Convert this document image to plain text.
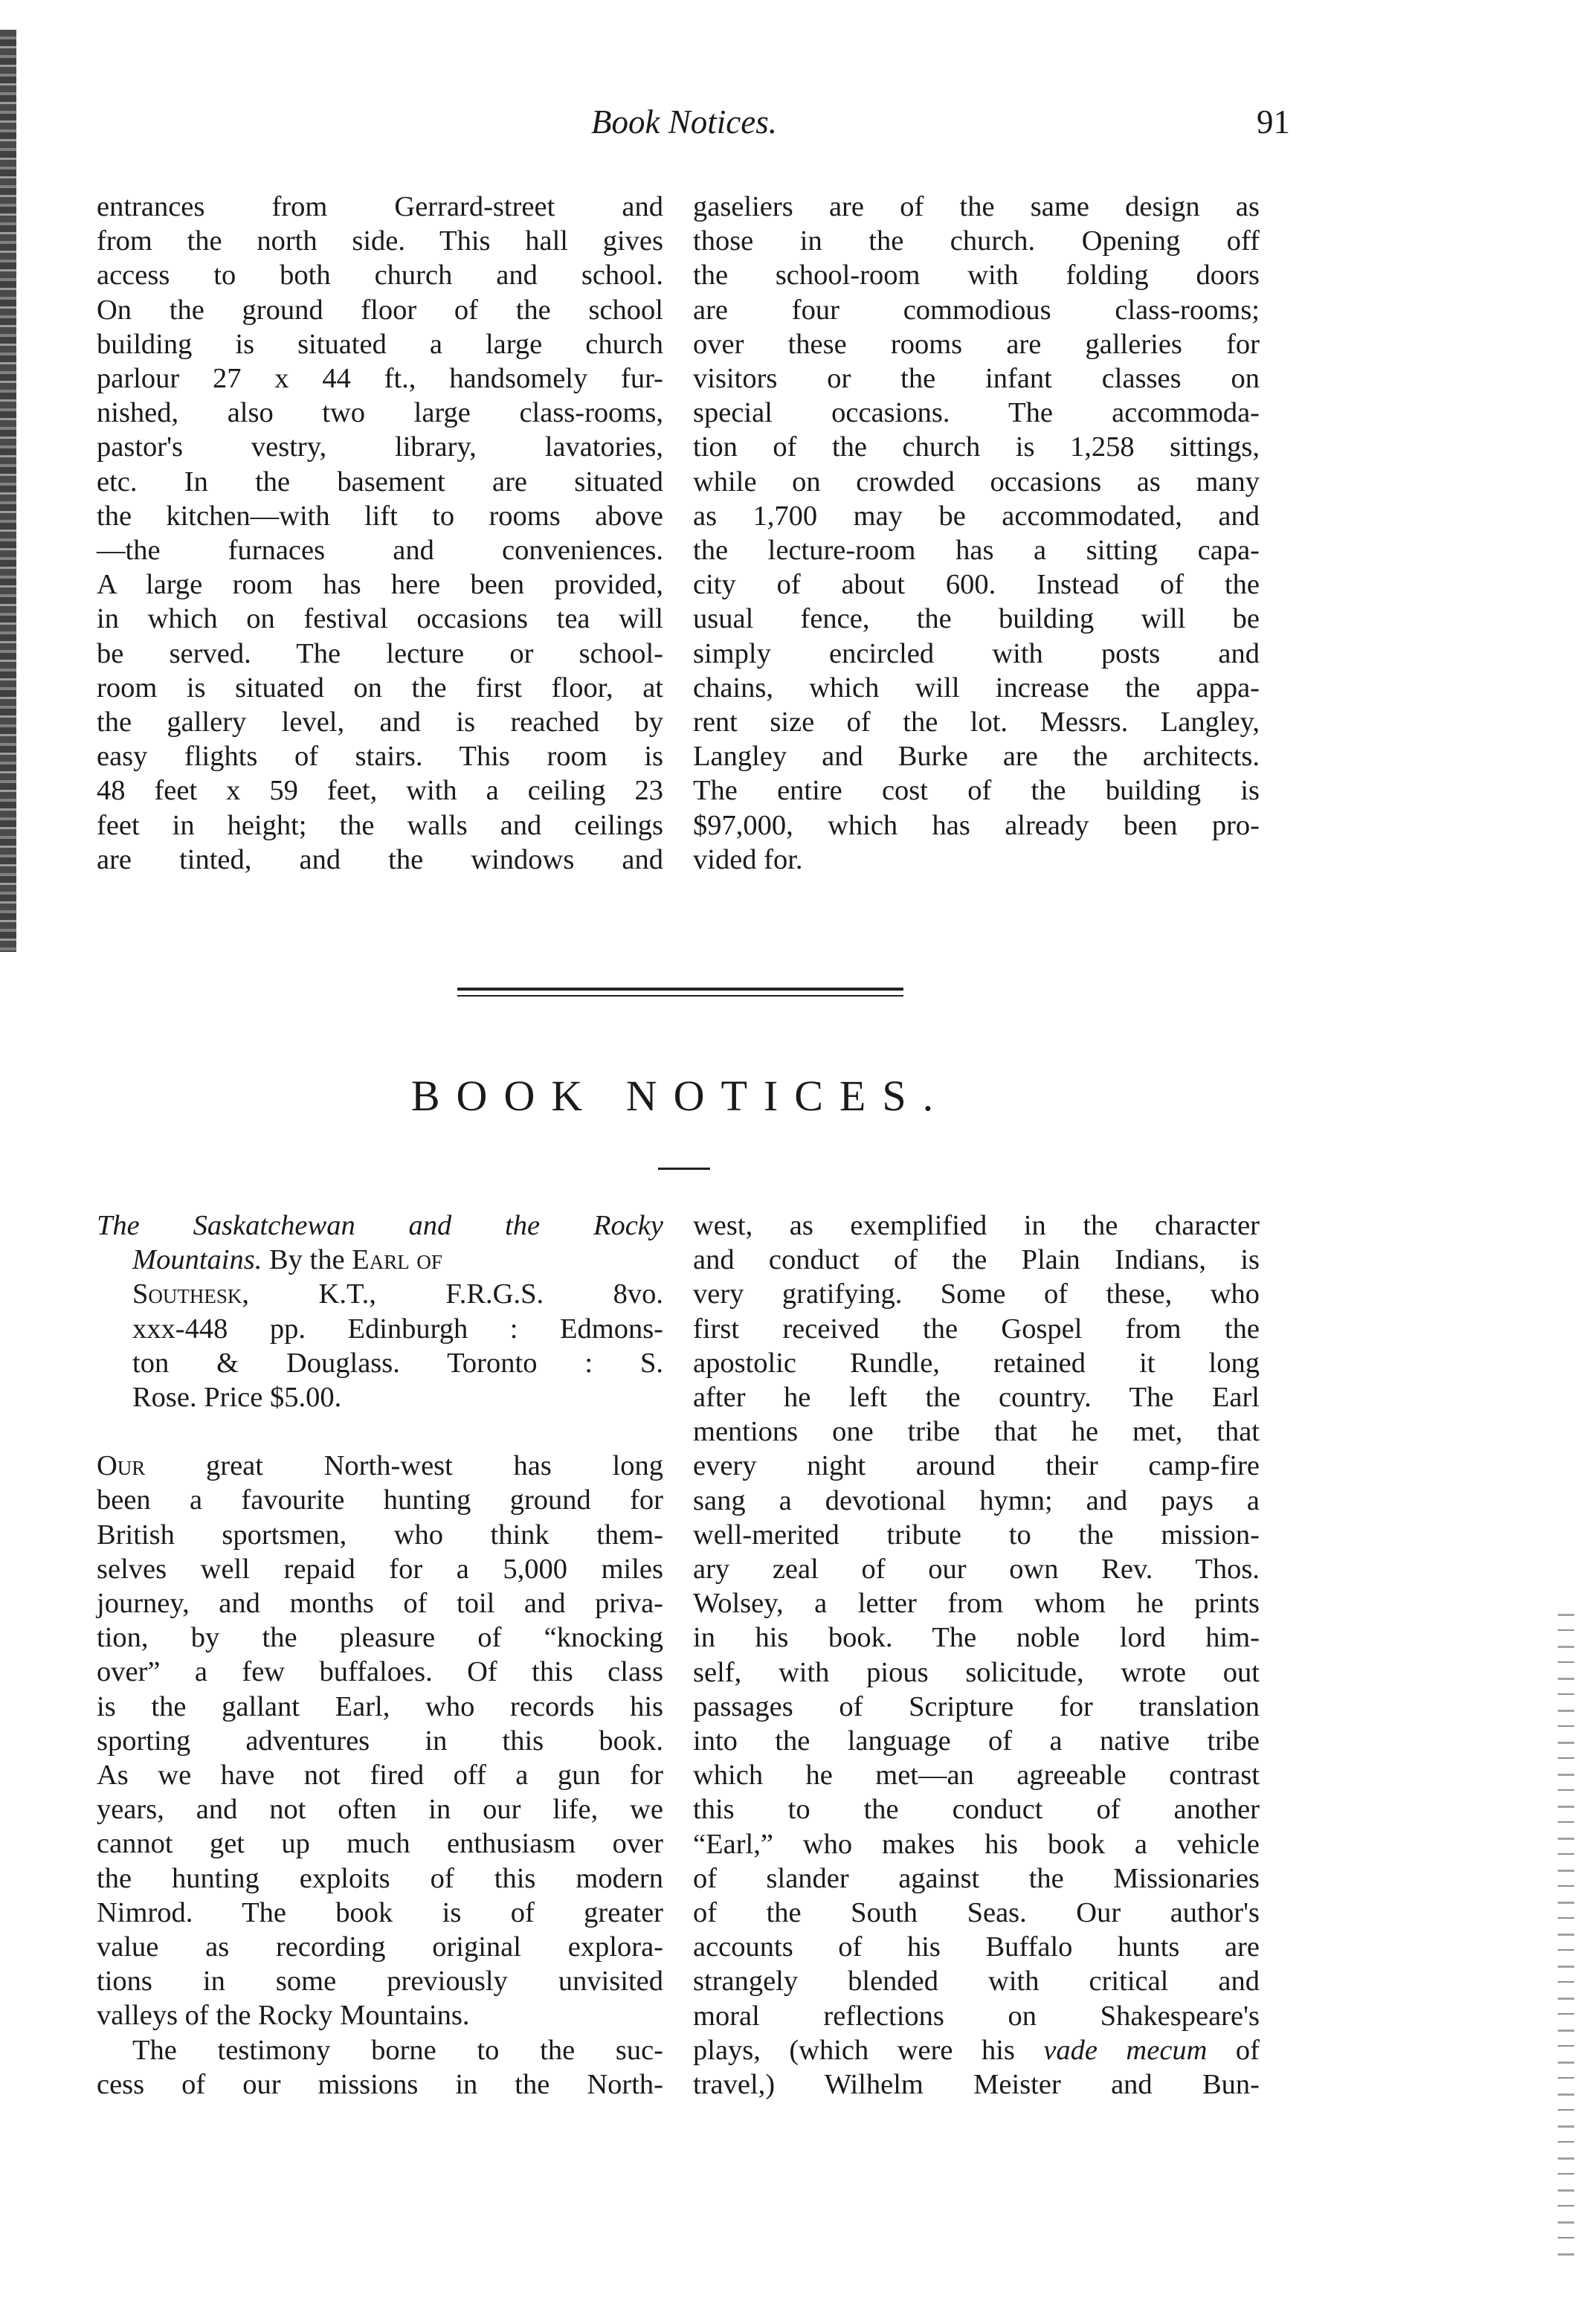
Book Notices.	91
entrances from Gerrard-street and
from the north side. This hall gives
access to both church and school.
On the ground floor of the school
building is situated a large church
parlour 27 x 44 ft., handsomely fur-
nished, also two large class-rooms,
pastor's vestry, library, lavatories,
etc. In the basement are situated
the kitchen—with lift to rooms above
—the furnaces and conveniences.
A large room has here been provided,
in which on festival occasions tea will
be served. The lecture or school-
room is situated on the first floor, at
the gallery level, and is reached by
easy flights of stairs. This room is
48 feet x 59 feet, with a ceiling 23
feet in height; the walls and ceilings
are tinted, and the windows and
gaseliers are of the same design as
those in the church. Opening off
the school-room with folding doors
are four commodious class-rooms;
over these rooms are galleries for
visitors or the infant classes on
special occasions. The accommoda-
tion of the church is 1,258 sittings,
while on crowded occasions as many
as 1,700 may be accommodated, and
the lecture-room has a sitting capa-
city of about 600. Instead of the
usual fence, the building will be
simply encircled with posts and
chains, which will increase the appa-
rent size of the lot. Messrs. Langley,
Langley and Burke are the architects.
The entire cost of the building is
$97,000, which has already been pro-
vided for.
BOOK NOTICES.
The Saskatchewan and the Rocky
Mountains. By the Earl of
Southesk, K.T., F.R.G.S. 8vo.
xxx-448 pp. Edinburgh : Edmons-
ton & Douglass. Toronto : S.
Rose. Price $5.00.
Our great North-west has long
been a favourite hunting ground for
British sportsmen, who think them-
selves well repaid for a 5,000 miles
journey, and months of toil and priva-
tion, by the pleasure of “knocking
over” a few buffaloes. Of this class
is the gallant Earl, who records his
sporting adventures in this book.
As we have not fired off a gun for
years, and not often in our life, we
cannot get up much enthusiasm over
the hunting exploits of this modern
Nimrod. The book is of greater
value as recording original explora-
tions in some previously unvisited
valleys of the Rocky Mountains.
The testimony borne to the suc-
cess of our missions in the North-
west, as exemplified in the character
and conduct of the Plain Indians, is
very gratifying. Some of these, who
first received the Gospel from the
apostolic Rundle, retained it long
after he left the country. The Earl
mentions one tribe that he met, that
every night around their camp-fire
sang a devotional hymn; and pays a
well-merited tribute to the mission-
ary zeal of our own Rev. Thos.
Wolsey, a letter from whom he prints
in his book. The noble lord him-
self, with pious solicitude, wrote out
passages of Scripture for translation
into the language of a native tribe
which he met—an agreeable contrast
this to the conduct of another
“Earl,” who makes his book a vehicle
of slander against the Missionaries
of the South Seas. Our author's
accounts of his Buffalo hunts are
strangely blended with critical and
moral reflections on Shakespeare's
plays, (which were his vade mecum of
travel,) Wilhelm Meister and Bun-
